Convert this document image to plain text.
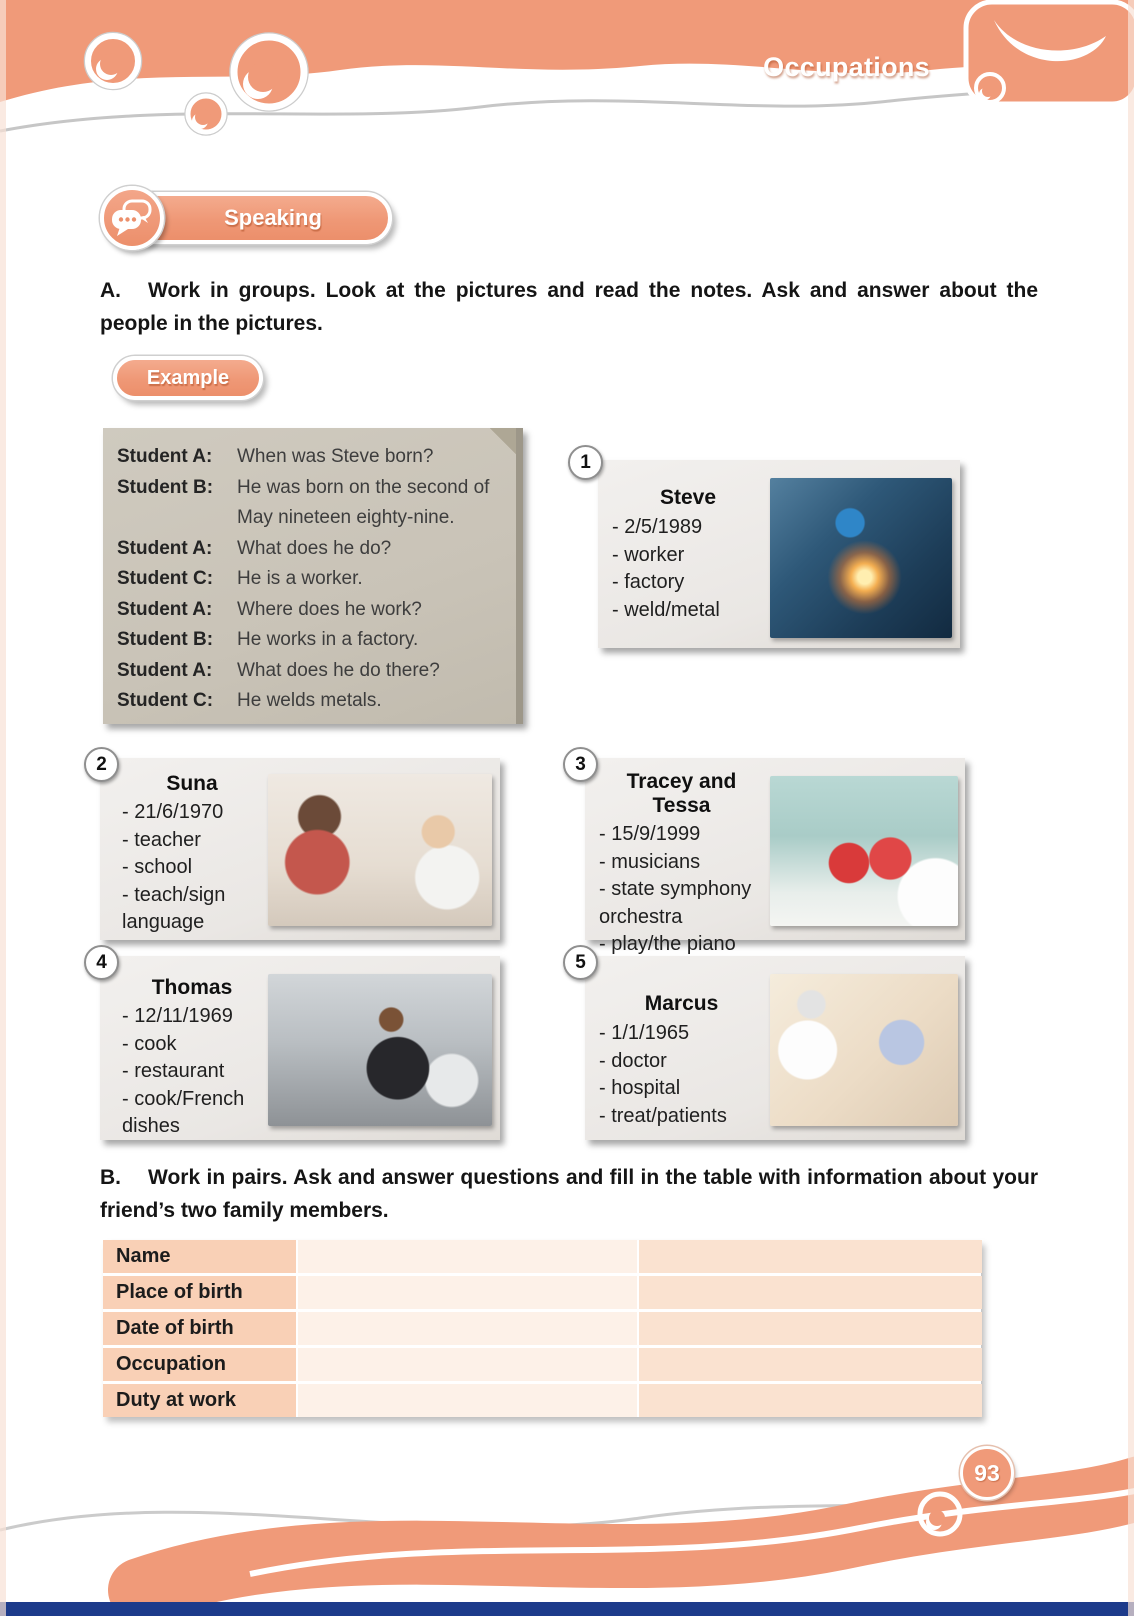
Occupations
Speaking

A.	Work in groups. Look at the pictures and read the notes. Ask and answer about the people in the pictures.

Example
Student A:	When was Steve born?
Student B:	He was born on the second of May nineteen eighty-nine.
Student A:	What does he do?
Student C:	He is a worker.
Student A:	Where does he work?
Student B:	He works in a factory.
Student A:	What does he do there?
Student C:	He welds metals.
1
Steve
- 2/5/1989
- worker
- factory
- weld/metal
2
Suna
- 21/6/1970
- teacher
- school
- teach/sign language
3
Tracey and Tessa
- 15/9/1999
- musicians
- state symphony orchestra
- play/the piano
4
Thomas
- 12/11/1969
- cook
- restaurant
- cook/French dishes
5
Marcus
- 1/1/1965
- doctor
- hospital
- treat/patients

B.	Work in pairs. Ask and answer questions and fill in the table with information about your friend’s two family members.

Name
Place of birth
Date of birth
Occupation
Duty at work
93
